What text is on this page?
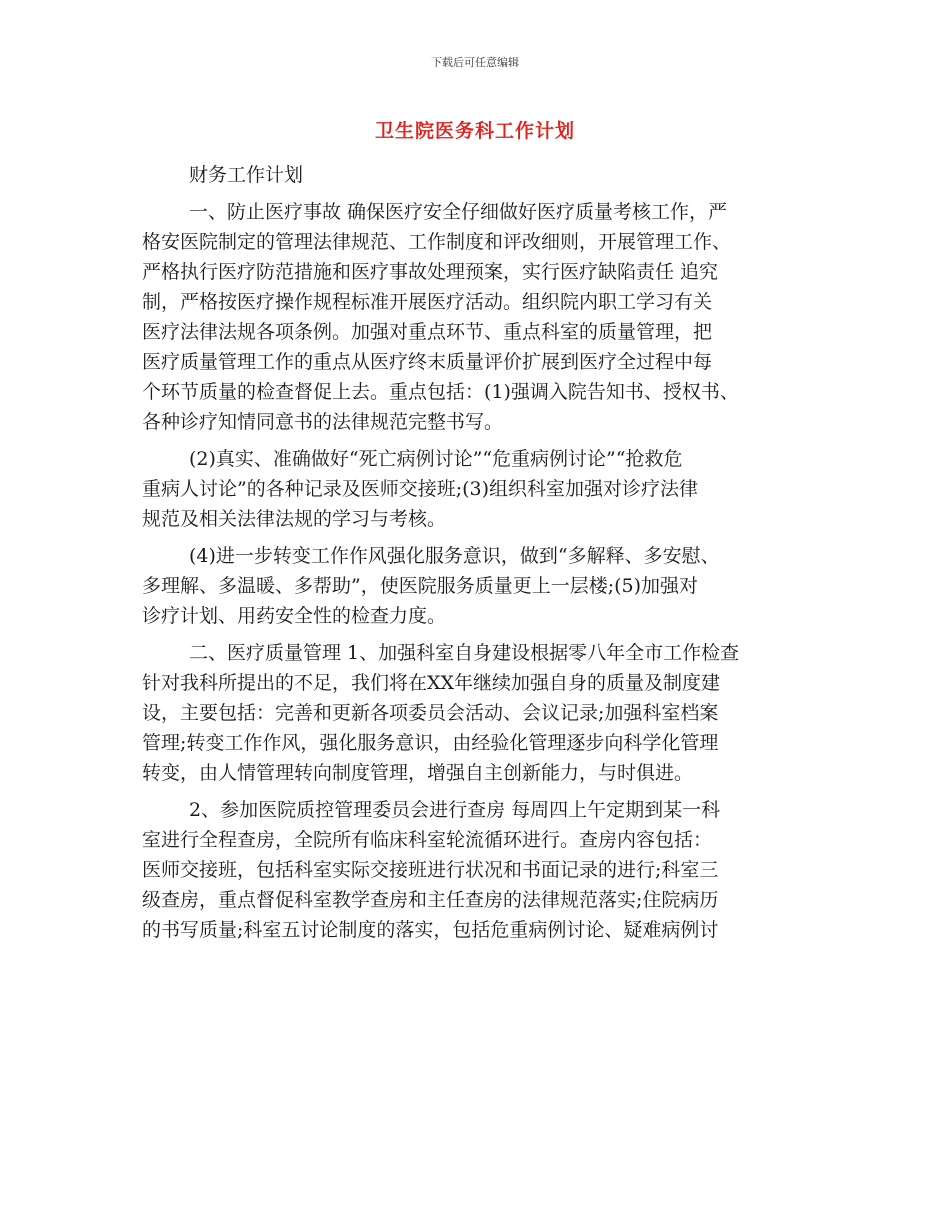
下载后可任意编辑
卫生院医务科工作计划
财务工作计划
一、防止医疗事故 确保医疗安全仔细做好医疗质量考核工作，严
格安医院制定的管理法律规范、工作制度和评改细则，开展管理工作、
严格执行医疗防范措施和医疗事故处理预案，实行医疗缺陷责任 追究
制，严格按医疗操作规程标准开展医疗活动。组织院内职工学习有关
医疗法律法规各项条例。加强对重点环节、重点科室的质量管理，把
医疗质量管理工作的重点从医疗终末质量评价扩展到医疗全过程中每
个环节质量的检查督促上去。重点包括：(1)强调入院告知书、授权书、
各种诊疗知情同意书的法律规范完整书写。
(2)真实、准确做好“死亡病例讨论”“危重病例讨论”“抢救危
重病人讨论”的各种记录及医师交接班;(3)组织科室加强对诊疗法律
规范及相关法律法规的学习与考核。
(4)进一步转变工作作风强化服务意识，做到“多解释、多安慰、
多理解、多温暖、多帮助”，使医院服务质量更上一层楼;(5)加强对
诊疗计划、用药安全性的检查力度。
二、医疗质量管理 1、加强科室自身建设根据零八年全市工作检查
针对我科所提出的不足，我们将在XX年继续加强自身的质量及制度建
设，主要包括：完善和更新各项委员会活动、会议记录;加强科室档案
管理;转变工作作风，强化服务意识，由经验化管理逐步向科学化管理
转变，由人情管理转向制度管理，增强自主创新能力，与时俱进。
2、参加医院质控管理委员会进行查房 每周四上午定期到某一科
室进行全程查房，全院所有临床科室轮流循环进行。查房内容包括：
医师交接班，包括科室实际交接班进行状况和书面记录的进行;科室三
级查房，重点督促科室教学查房和主任查房的法律规范落实;住院病历
的书写质量;科室五讨论制度的落实，包括危重病例讨论、疑难病例讨
